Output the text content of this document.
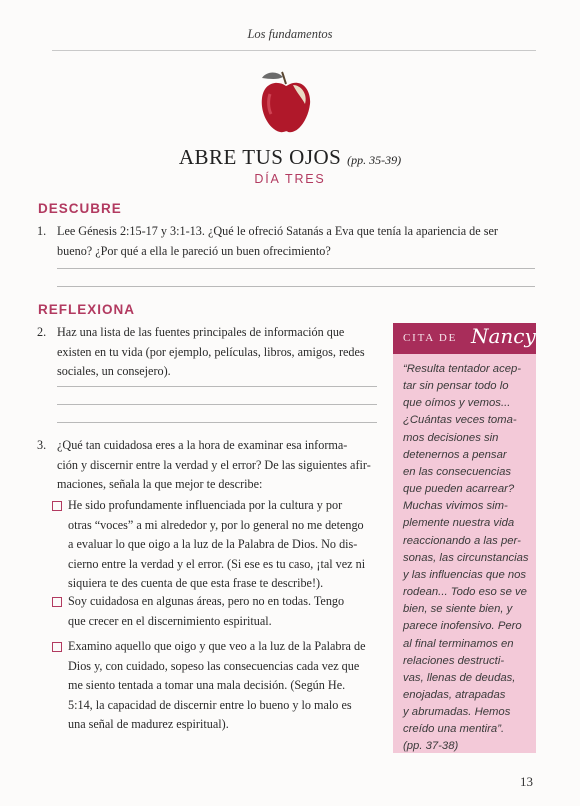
Los fundamentos
ABRE TUS OJOS (pp. 35-39)
DÍA TRES
DESCUBRE
1. Lee Génesis 2:15-17 y 3:1-13. ¿Qué le ofreció Satanás a Eva que tenía la apariencia de ser bueno? ¿Por qué a ella le pareció un buen ofrecimiento?
REFLEXIONA
2. Haz una lista de las fuentes principales de información que
existen en tu vida (por ejemplo, películas, libros, amigos, redes
sociales, un consejero).
3. ¿Qué tan cuidadosa eres a la hora de examinar esa informa-
ción y discernir entre la verdad y el error? De las siguientes afir-
maciones, señala la que mejor te describe:
He sido profundamente influenciada por la cultura y por
otras “voces” a mi alrededor y, por lo general no me detengo
a evaluar lo que oigo a la luz de la Palabra de Dios. No dis-
cierno entre la verdad y el error. (Si ese es tu caso, ¡tal vez ni
siquiera te des cuenta de que esta frase te describe!).
Soy cuidadosa en algunas áreas, pero no en todas. Tengo
que crecer en el discernimiento espiritual.
Examino aquello que oigo y que veo a la luz de la Palabra de
Dios y, con cuidado, sopeso las consecuencias cada vez que
me siento tentada a tomar una mala decisión. (Según He.
5:14, la capacidad de discernir entre lo bueno y lo malo es
una señal de madurez espiritual).
CITA DE Nancy
“Resulta tentador acep-
tar sin pensar todo lo
que oímos y vemos...
¿Cuántas veces toma-
mos decisiones sin
detenernos a pensar
en las consecuencias
que pueden acarrear?
Muchas vivimos sim-
plemente nuestra vida
reaccionando a las per-
sonas, las circunstancias
y las influencias que nos
rodean... Todo eso se ve
bien, se siente bien, y
parece inofensivo. Pero
al final terminamos en
relaciones destructi-
vas, llenas de deudas,
enojadas, atrapadas
y abrumadas. Hemos
creído una mentira”.
(pp. 37-38)
13
